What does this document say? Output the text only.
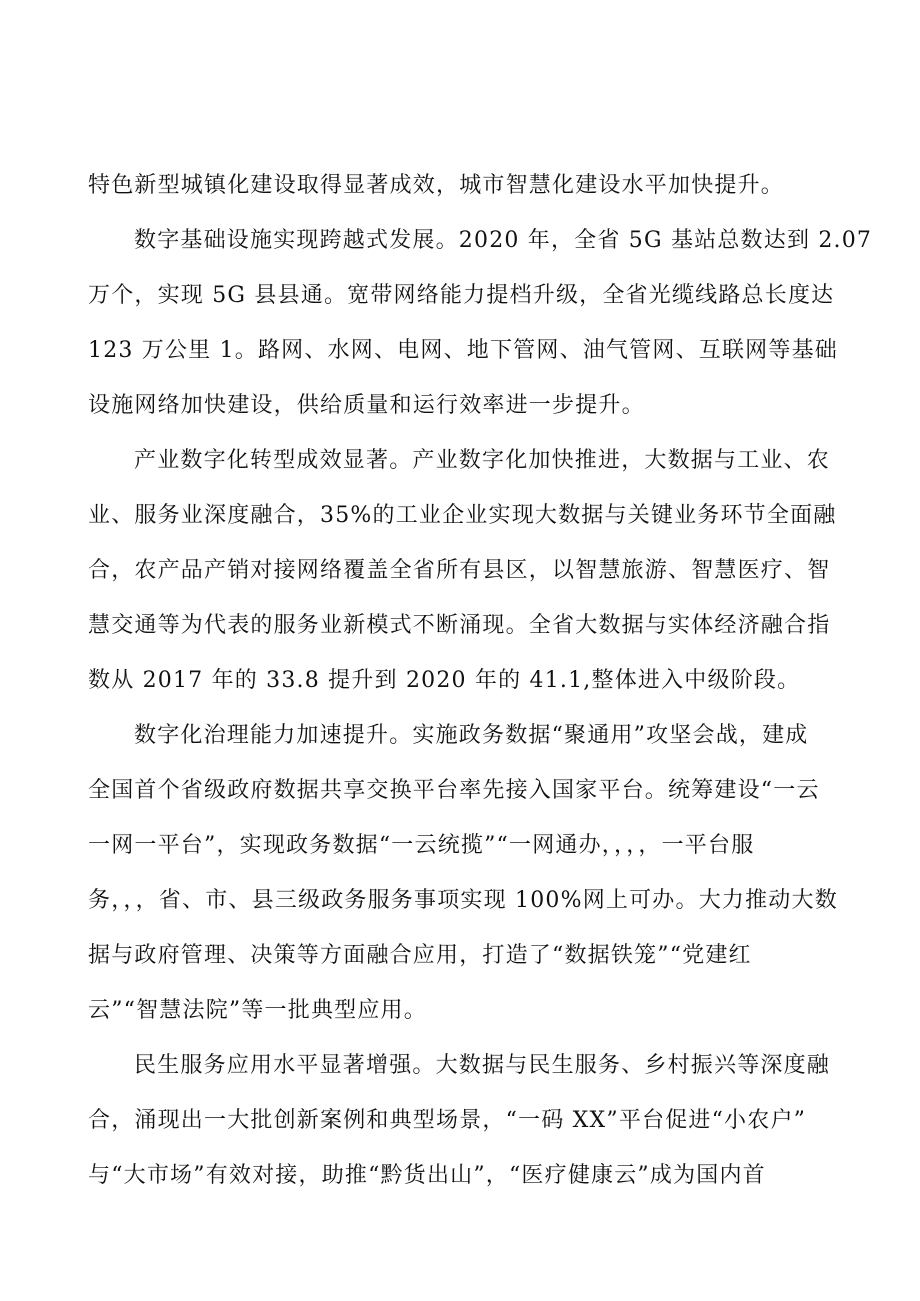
特色新型城镇化建设取得显著成效，城市智慧化建设水平加快提升。

数字基础设施实现跨越式发展。2020 年，全省 5G 基站总数达到 2.07

万个，实现 5G 县县通。宽带网络能力提档升级，全省光缆线路总长度达

123 万公里 1。路网、水网、电网、地下管网、油气管网、互联网等基础

设施网络加快建设，供给质量和运行效率进一步提升。

产业数字化转型成效显著。产业数字化加快推进，大数据与工业、农

业、服务业深度融合，35%的工业企业实现大数据与关键业务环节全面融

合，农产品产销对接网络覆盖全省所有县区，以智慧旅游、智慧医疗、智

慧交通等为代表的服务业新模式不断涌现。全省大数据与实体经济融合指

数从 2017 年的 33.8 提升到 2020 年的 41.1,整体进入中级阶段。

数字化治理能力加速提升。实施政务数据“聚通用”攻坚会战，建成

全国首个省级政府数据共享交换平台率先接入国家平台。统筹建设“一云

一网一平台”，实现政务数据“一云统揽”“一网通办，，，，一平台服

务，，，省、市、县三级政务服务事项实现 100%网上可办。大力推动大数

据与政府管理、决策等方面融合应用，打造了“数据铁笼”“党建红

云”“智慧法院”等一批典型应用。

民生服务应用水平显著增强。大数据与民生服务、乡村振兴等深度融

合，涌现出一大批创新案例和典型场景，“一码 XX”平台促进“小农户”

与“大市场”有效对接，助推“黔货出山”，“医疗健康云”成为国内首
